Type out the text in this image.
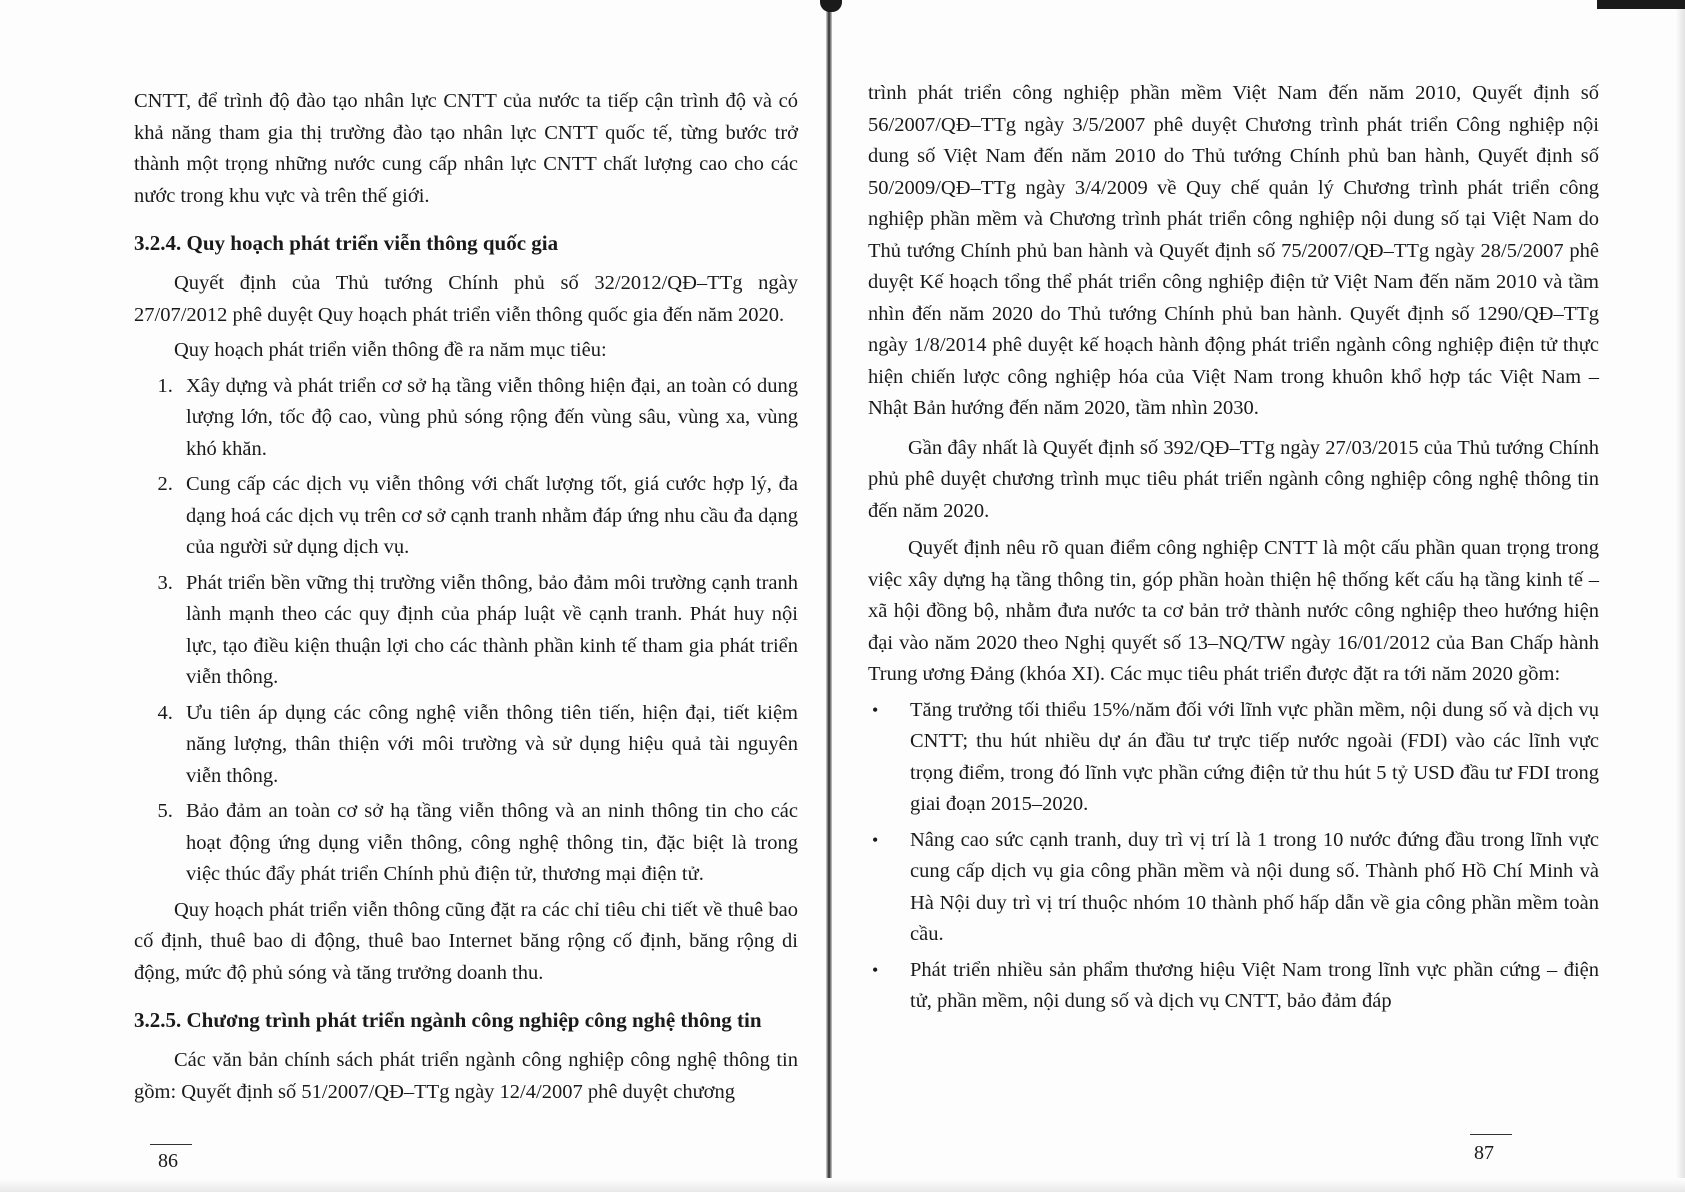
CNTT, để trình độ đào tạo nhân lực CNTT của nước ta tiếp cận trình độ và có khả năng tham gia thị trường đào tạo nhân lực CNTT quốc tế, từng bước trở thành một trọng những nước cung cấp nhân lực CNTT chất lượng cao cho các nước trong khu vực và trên thế giới.

3.2.4. Quy hoạch phát triển viễn thông quốc gia

Quyết định của Thủ tướng Chính phủ số 32/2012/QĐ–TTg ngày 27/07/2012 phê duyệt Quy hoạch phát triển viễn thông quốc gia đến năm 2020.

Quy hoạch phát triển viễn thông đề ra năm mục tiêu:

1. Xây dựng và phát triển cơ sở hạ tầng viễn thông hiện đại, an toàn có dung lượng lớn, tốc độ cao, vùng phủ sóng rộng đến vùng sâu, vùng xa, vùng khó khăn.
2. Cung cấp các dịch vụ viễn thông với chất lượng tốt, giá cước hợp lý, đa dạng hoá các dịch vụ trên cơ sở cạnh tranh nhằm đáp ứng nhu cầu đa dạng của người sử dụng dịch vụ.
3. Phát triển bền vững thị trường viễn thông, bảo đảm môi trường cạnh tranh lành mạnh theo các quy định của pháp luật về cạnh tranh. Phát huy nội lực, tạo điều kiện thuận lợi cho các thành phần kinh tế tham gia phát triển viễn thông.
4. Ưu tiên áp dụng các công nghệ viễn thông tiên tiến, hiện đại, tiết kiệm năng lượng, thân thiện với môi trường và sử dụng hiệu quả tài nguyên viễn thông.
5. Bảo đảm an toàn cơ sở hạ tầng viễn thông và an ninh thông tin cho các hoạt động ứng dụng viễn thông, công nghệ thông tin, đặc biệt là trong việc thúc đẩy phát triển Chính phủ điện tử, thương mại điện tử.

Quy hoạch phát triển viễn thông cũng đặt ra các chỉ tiêu chi tiết về thuê bao cố định, thuê bao di động, thuê bao Internet băng rộng cố định, băng rộng di động, mức độ phủ sóng và tăng trưởng doanh thu.

3.2.5. Chương trình phát triển ngành công nghiệp công nghệ thông tin

Các văn bản chính sách phát triển ngành công nghiệp công nghệ thông tin gồm: Quyết định số 51/2007/QĐ–TTg ngày 12/4/2007 phê duyệt chương

86

trình phát triển công nghiệp phần mềm Việt Nam đến năm 2010, Quyết định số 56/2007/QĐ–TTg ngày 3/5/2007 phê duyệt Chương trình phát triển Công nghiệp nội dung số Việt Nam đến năm 2010 do Thủ tướng Chính phủ ban hành, Quyết định số 50/2009/QĐ–TTg ngày 3/4/2009 về Quy chế quản lý Chương trình phát triển công nghiệp phần mềm và Chương trình phát triển công nghiệp nội dung số tại Việt Nam do Thủ tướng Chính phủ ban hành và Quyết định số 75/2007/QĐ–TTg ngày 28/5/2007 phê duyệt Kế hoạch tổng thể phát triển công nghiệp điện tử Việt Nam đến năm 2010 và tầm nhìn đến năm 2020 do Thủ tướng Chính phủ ban hành. Quyết định số 1290/QĐ–TTg ngày 1/8/2014 phê duyệt kế hoạch hành động phát triển ngành công nghiệp điện tử thực hiện chiến lược công nghiệp hóa của Việt Nam trong khuôn khổ hợp tác Việt Nam – Nhật Bản hướng đến năm 2020, tầm nhìn 2030.

Gần đây nhất là Quyết định số 392/QĐ–TTg ngày 27/03/2015 của Thủ tướng Chính phủ phê duyệt chương trình mục tiêu phát triển ngành công nghiệp công nghệ thông tin đến năm 2020.

Quyết định nêu rõ quan điểm công nghiệp CNTT là một cấu phần quan trọng trong việc xây dựng hạ tầng thông tin, góp phần hoàn thiện hệ thống kết cấu hạ tầng kinh tế – xã hội đồng bộ, nhằm đưa nước ta cơ bản trở thành nước công nghiệp theo hướng hiện đại vào năm 2020 theo Nghị quyết số 13–NQ/TW ngày 16/01/2012 của Ban Chấp hành Trung ương Đảng (khóa XI). Các mục tiêu phát triển được đặt ra tới năm 2020 gồm:

• Tăng trưởng tối thiểu 15%/năm đối với lĩnh vực phần mềm, nội dung số và dịch vụ CNTT; thu hút nhiều dự án đầu tư trực tiếp nước ngoài (FDI) vào các lĩnh vực trọng điểm, trong đó lĩnh vực phần cứng điện tử thu hút 5 tỷ USD đầu tư FDI trong giai đoạn 2015–2020.
• Nâng cao sức cạnh tranh, duy trì vị trí là 1 trong 10 nước đứng đầu trong lĩnh vực cung cấp dịch vụ gia công phần mềm và nội dung số. Thành phố Hồ Chí Minh và Hà Nội duy trì vị trí thuộc nhóm 10 thành phố hấp dẫn về gia công phần mềm toàn cầu.
• Phát triển nhiều sản phẩm thương hiệu Việt Nam trong lĩnh vực phần cứng – điện tử, phần mềm, nội dung số và dịch vụ CNTT, bảo đảm đáp
87
